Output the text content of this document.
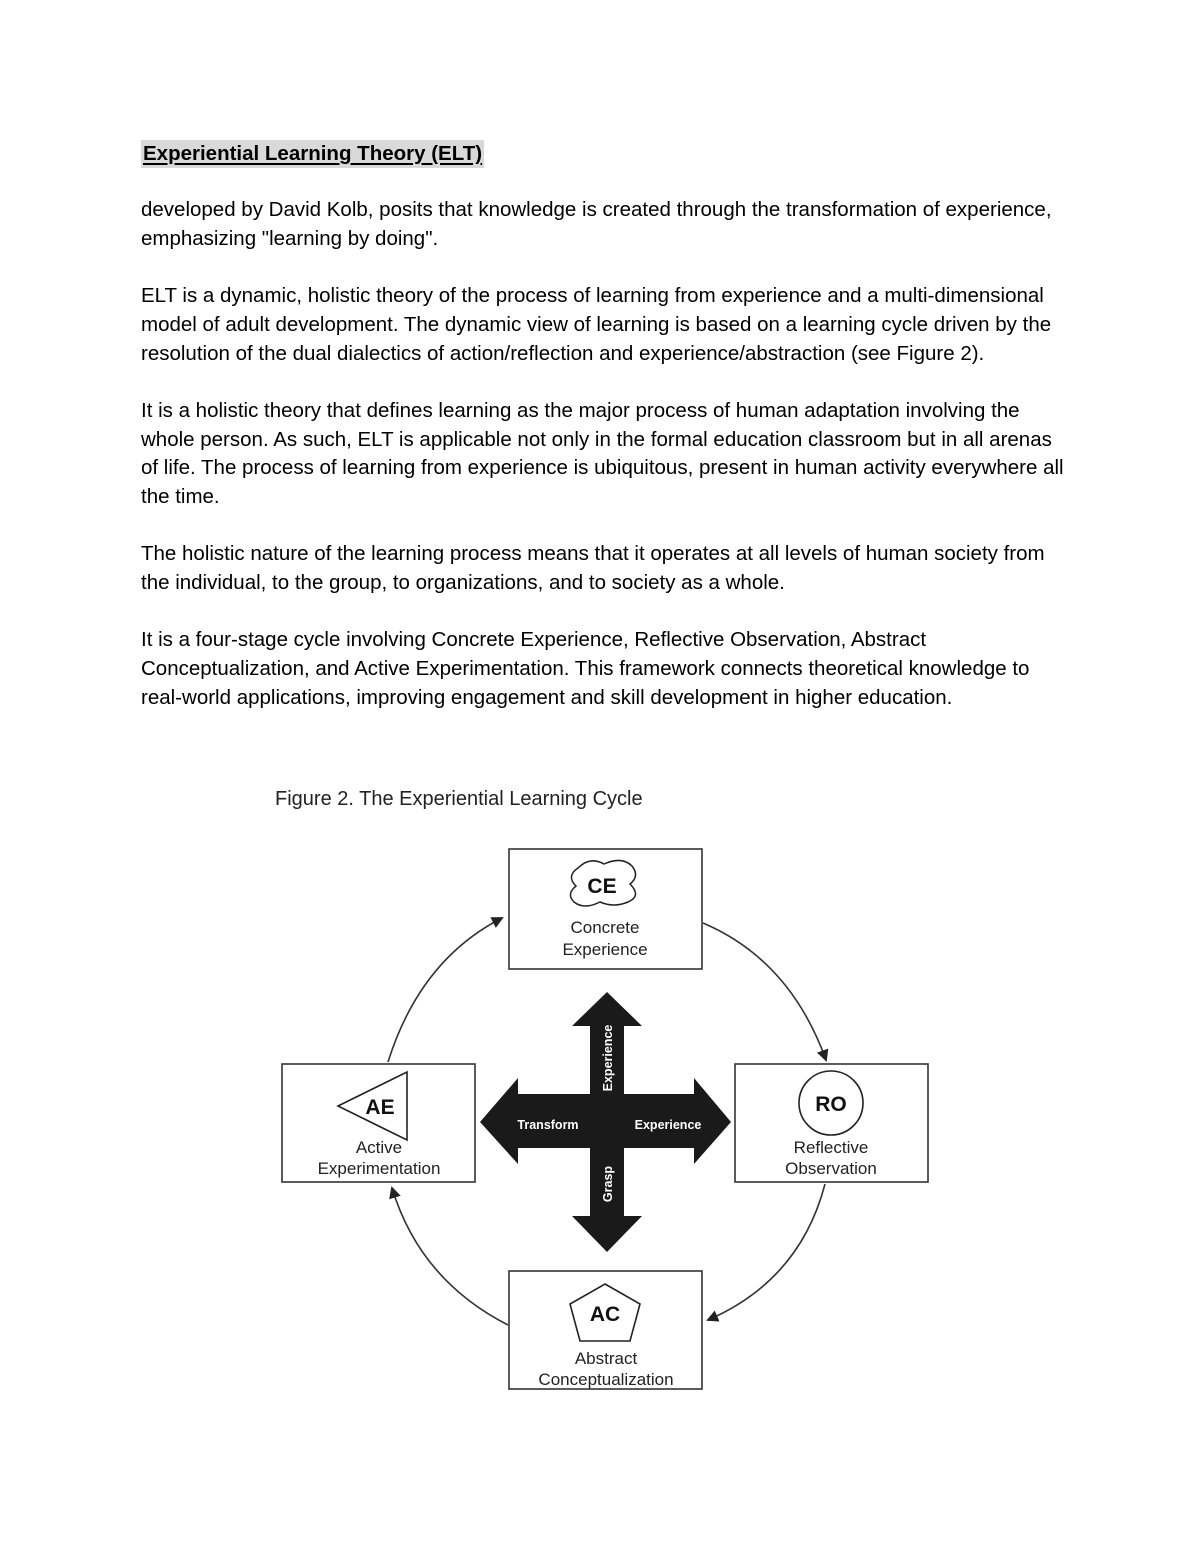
Experiential Learning Theory (ELT)

developed by David Kolb, posits that knowledge is created through the transformation of experience, emphasizing "learning by doing".

ELT is a dynamic, holistic theory of the process of learning from experience and a multi-dimensional model of adult development. The dynamic view of learning is based on a learning cycle driven by the resolution of the dual dialectics of action/reflection and experience/abstraction (see Figure 2).

It is a holistic theory that defines learning as the major process of human adaptation involving the whole person. As such, ELT is applicable not only in the formal education classroom but in all arenas of life. The process of learning from experience is ubiquitous, present in human activity everywhere all the time.

The holistic nature of the learning process means that it operates at all levels of human society from the individual, to the group, to organizations, and to society as a whole.

It is a four-stage cycle involving Concrete Experience, Reflective Observation, Abstract Conceptualization, and Active Experimentation. This framework connects theoretical knowledge to real-world applications, improving engagement and skill development in higher education.

Figure 2. The Experiential Learning Cycle
Experience
Grasp
Transform	Experience
CE
Concrete
Experience
RO
Reflective
Observation
AC
Abstract
Conceptualization
AE
Active
Experimentation
